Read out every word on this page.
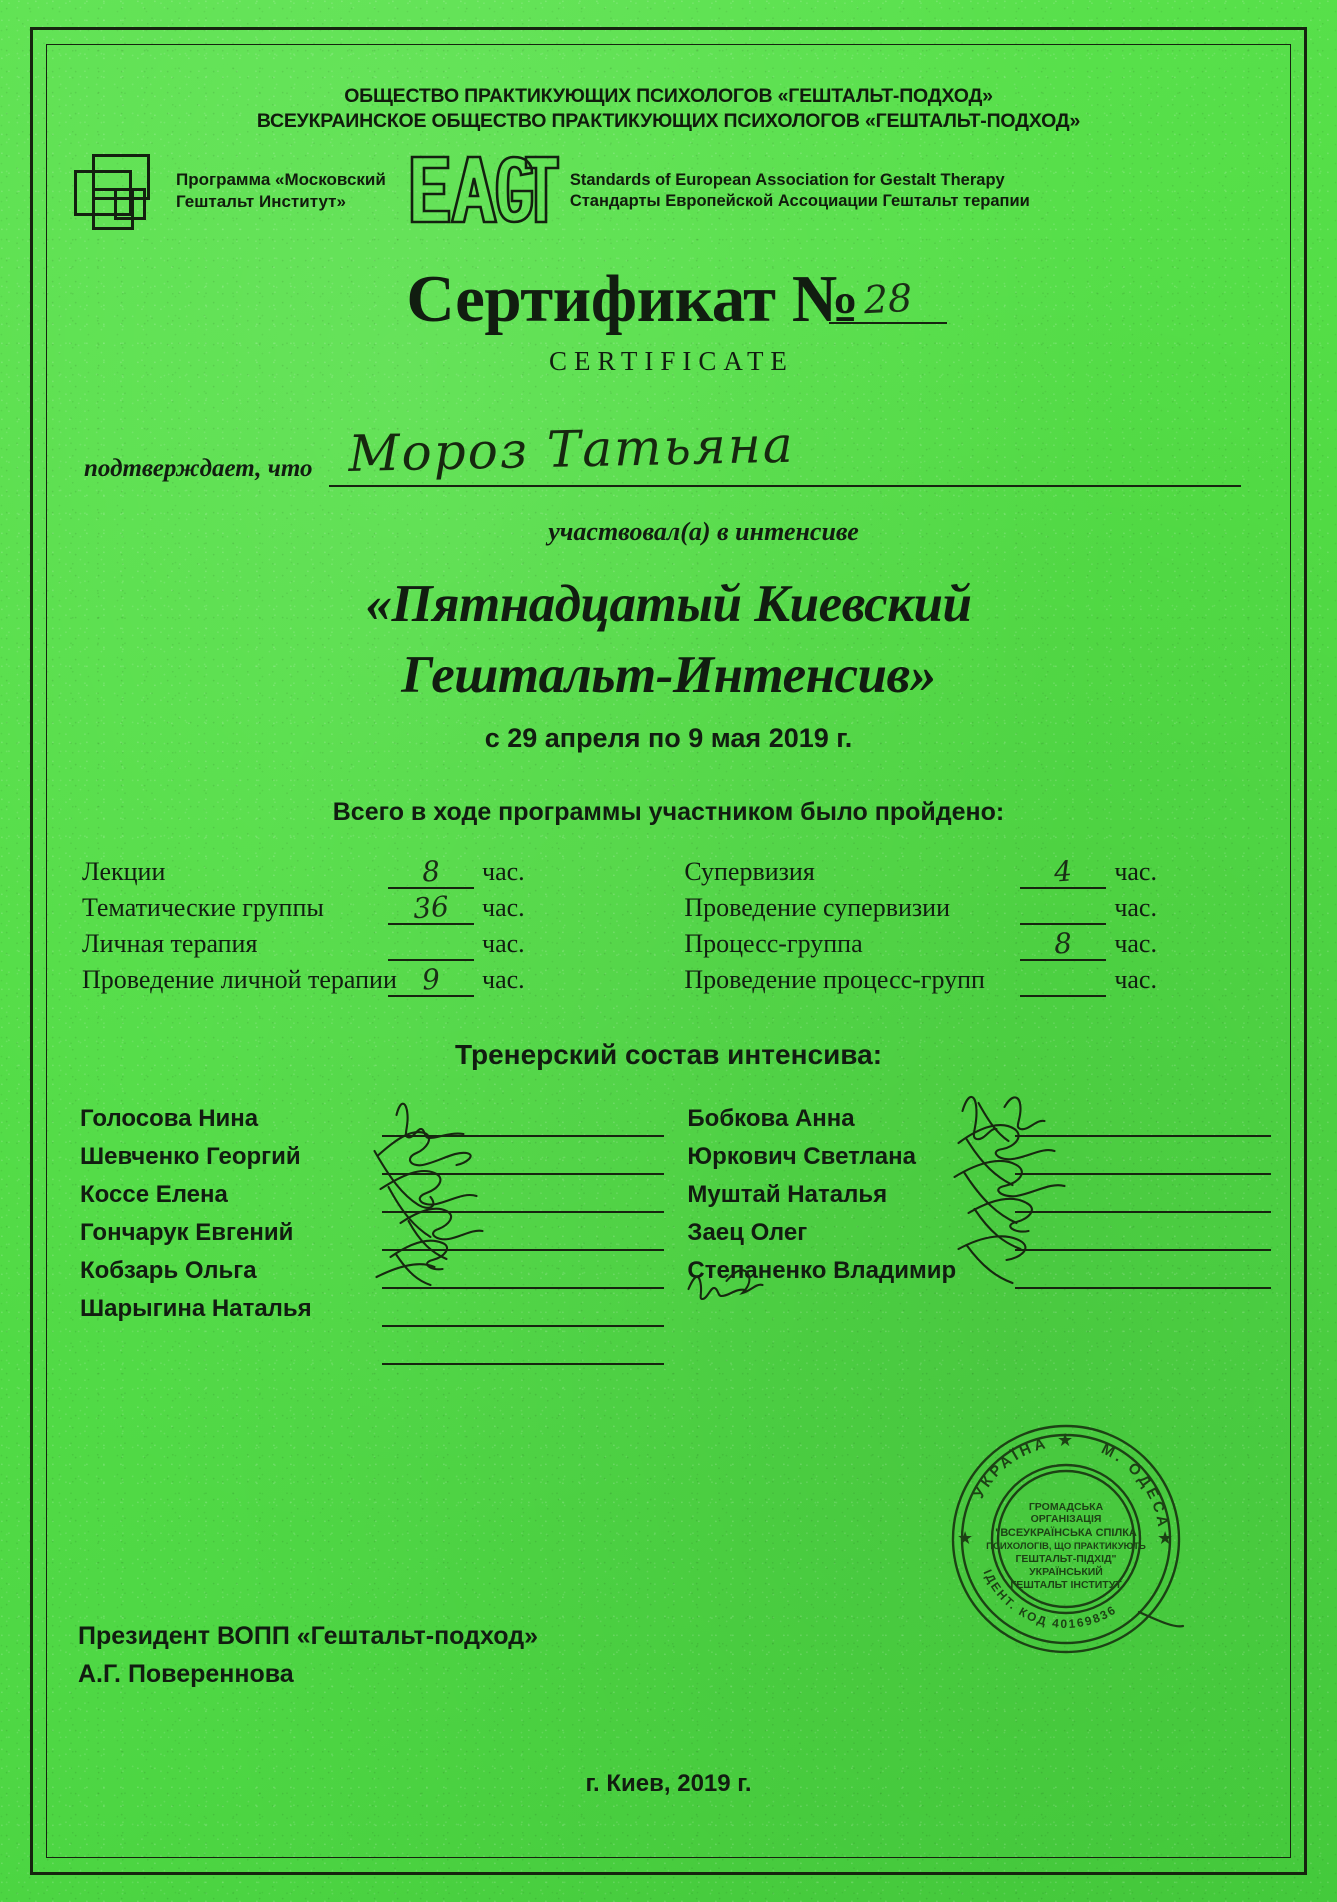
ОБЩЕСТВО ПРАКТИКУЮЩИХ ПСИХОЛОГОВ «ГЕШТАЛЬТ-ПОДХОД»
ВСЕУКРАИНСКОЕ ОБЩЕСТВО ПРАКТИКУЮЩИХ ПСИХОЛОГОВ «ГЕШТАЛЬТ-ПОДХОД»
Программа «Московский
Гештальт Институт»
Standards of European Association for Gestalt Therapy
Стандарты Европейской Ассоциации Гештальт терапии
Сертификат № 28
CERTIFICATE
подтверждает, что Мороз Татьяна
участвовал(а) в интенсиве
«Пятнадцатый Киевский
Гештальт-Интенсив»
с 29 апреля по 9 мая 2019 г.
Всего в ходе программы участником было пройдено:
Лекции	8	час.
Тематические группы	36	час.
Личная терапия	час.
Проведение личной терапии 9	час.
Супервизия	4	час.
Проведение супервизии	час.
Процесс-группа	8	час.
Проведение процесс-групп	час.
Тренерский состав интенсива:
Голосова Нина
Шевченко Георгий
Коссе Елена
Гончарук Евгений
Кобзарь Ольга
Шарыгина Наталья
Бобкова Анна
Юркович Светлана
Муштай Наталья
Заец Олег
Степаненко Владимир
Президент ВОПП «Гештальт-подход»
А.Г. Повереннова
УКРАЇНА	М. ОДЕСА
ІДЕНТ. КОД 40169836
ГРОМАДСЬКА
ОРГАНІЗАЦІЯ
"ВСЕУКРАЇНСЬКА СПІЛКА
ПСИХОЛОГІВ, ЩО ПРАКТИКУЮТЬ
ГЕШТАЛЬТ-ПІДХІД"
УКРАЇНСЬКИЙ
ГЕШТАЛЬТ ІНСТИТУТ
★	★
★
г. Киев, 2019 г.
